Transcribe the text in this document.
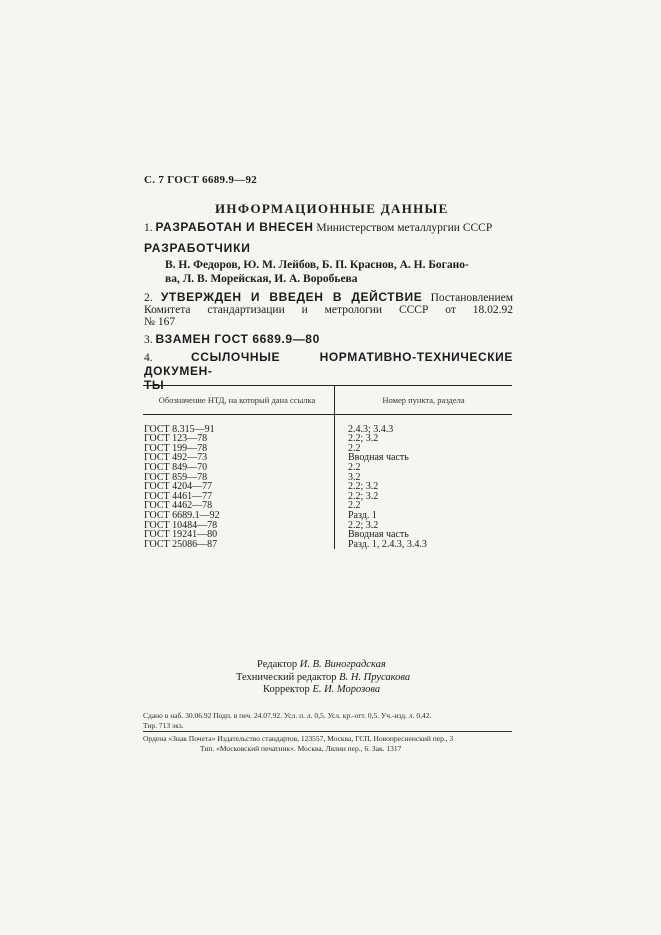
С. 7 ГОСТ 6689.9—92
ИНФОРМАЦИОННЫЕ ДАННЫЕ
1. РАЗРАБОТАН И ВНЕСЕН Министерством металлургии СССР
РАЗРАБОТЧИКИ
В. Н. Федоров, Ю. М. Лейбов, Б. П. Краснов, А. Н. Богано-
ва, Л. В. Морейская, И. А. Воробьева
2. УТВЕРЖДЕН И ВВЕДЕН В ДЕЙСТВИЕ Постановлением
Комитета стандартизации и метрологии СССР от 18.02.92
№ 167
3. ВЗАМЕН ГОСТ 6689.9—80
4.	ССЫЛОЧНЫЕ НОРМАТИВНО-ТЕХНИЧЕСКИЕ ДОКУМЕН-
ТЫ
Обозначение НТД, на который дана ссылка	Номер пункта, раздела

ГОСТ 8.315—91	2.4.3; 3.4.3
ГОСТ 123—78	2.2; 3.2
ГОСТ 199—78	2.2
ГОСТ 492—73	Вводная часть
ГОСТ 849—70	2.2
ГОСТ 859—78	3.2
ГОСТ 4204—77	2.2; 3.2
ГОСТ 4461—77	2.2; 3.2
ГОСТ 4462—78	2.2
ГОСТ 6689.1—92	Разд. 1
ГОСТ 10484—78	2.2; 3.2
ГОСТ 19241—80	Вводная часть
ГОСТ 25086—87	Разд. 1, 2.4.3, 3.4.3
Редактор И. В. Виноградская
Технический редактор В. Н. Прусакова
Корректор Е. И. Морозова
Сдано в наб. 30.06.92 Подп. в печ. 24.07.92. Усл. п. л. 0,5. Усл. кр.-отт. 0,5. Уч.-изд. л. 0,42.
Тир. 713 экз.
Ордена «Знак Почета» Издательство стандартов, 123557, Москва, ГСП, Новопресненский пер., 3
Тип. «Московский печатник». Москва, Лялин пер., 6. Зак. 1317
